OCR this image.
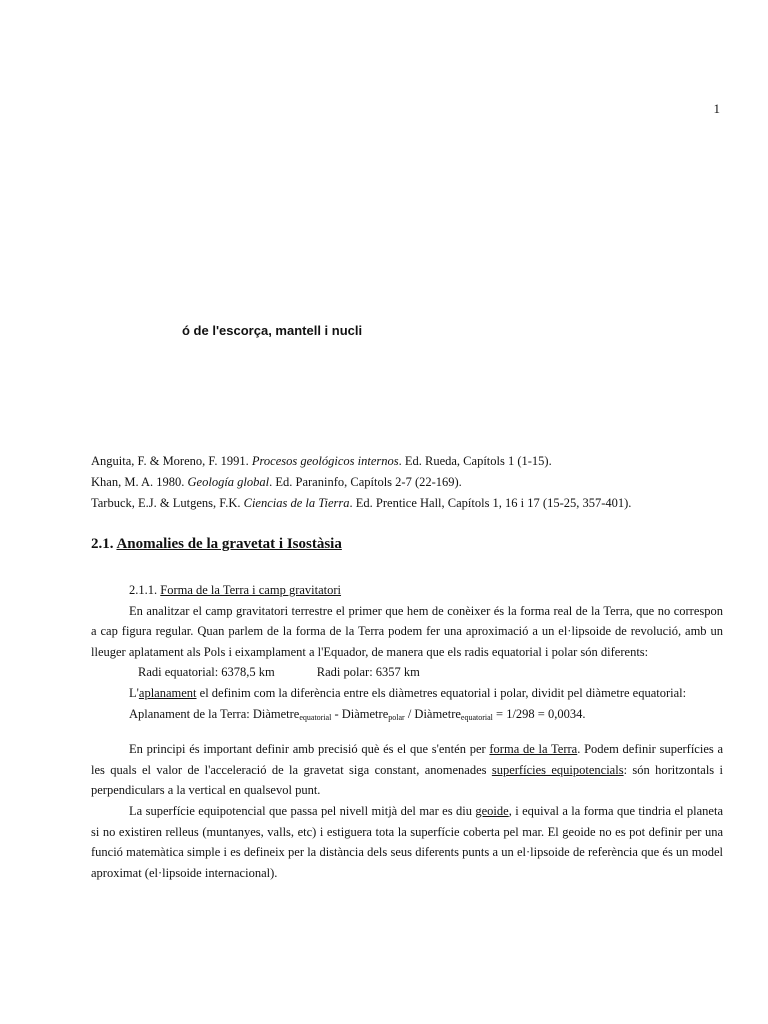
1
ó de l'escorça, mantell i nucli
Anguita, F. & Moreno, F. 1991. Procesos geológicos internos. Ed. Rueda, Capítols 1 (1-15).
Khan, M. A. 1980. Geología global. Ed. Paraninfo, Capítols 2-7 (22-169).
Tarbuck, E.J. & Lutgens, F.K. Ciencias de la Tierra. Ed. Prentice Hall, Capítols 1, 16 i 17 (15-25, 357-401).
2.1. Anomalies de la gravetat i Isostàsia
2.1.1. Forma de la Terra i camp gravitatori

En analitzar el camp gravitatori terrestre el primer que hem de conèixer és la forma real de la Terra, que no correspon a cap figura regular. Quan parlem de la forma de la Terra podem fer una aproximació a un el·lipsoide de revolució, amb un lleuger aplatament als Pols i eixamplament a l'Equador, de manera que els radis equatorial i polar són diferents:

Radi equatorial: 6378,5 km	Radi polar: 6357 km

L'aplanament el definim com la diferència entre els diàmetres equatorial i polar, dividit pel diàmetre equatorial:

Aplanament de la Terra: Diàmetre$_{equatorial}$ - Diàmetre$_{polar}$ / Diàmetre$_{equatorial}$ = 1/298 = 0,0034.

En principi és important definir amb precisió què és el que s'entén per forma de la Terra. Podem definir superfícies a les quals el valor de l'acceleració de la gravetat siga constant, anomenades superfícies equipotencials: són horitzontals i perpendiculars a la vertical en qualsevol punt.

La superfície equipotencial que passa pel nivell mitjà del mar es diu geoide, i equival a la forma que tindria el planeta si no existiren relleus (muntanyes, valls, etc) i estiguera tota la superfície coberta pel mar. El geoide no es pot definir per una funció matemàtica simple i es defineix per la distància dels seus diferents punts a un el·lipsoide de referència que és un model aproximat (el·lipsoide internacional).
